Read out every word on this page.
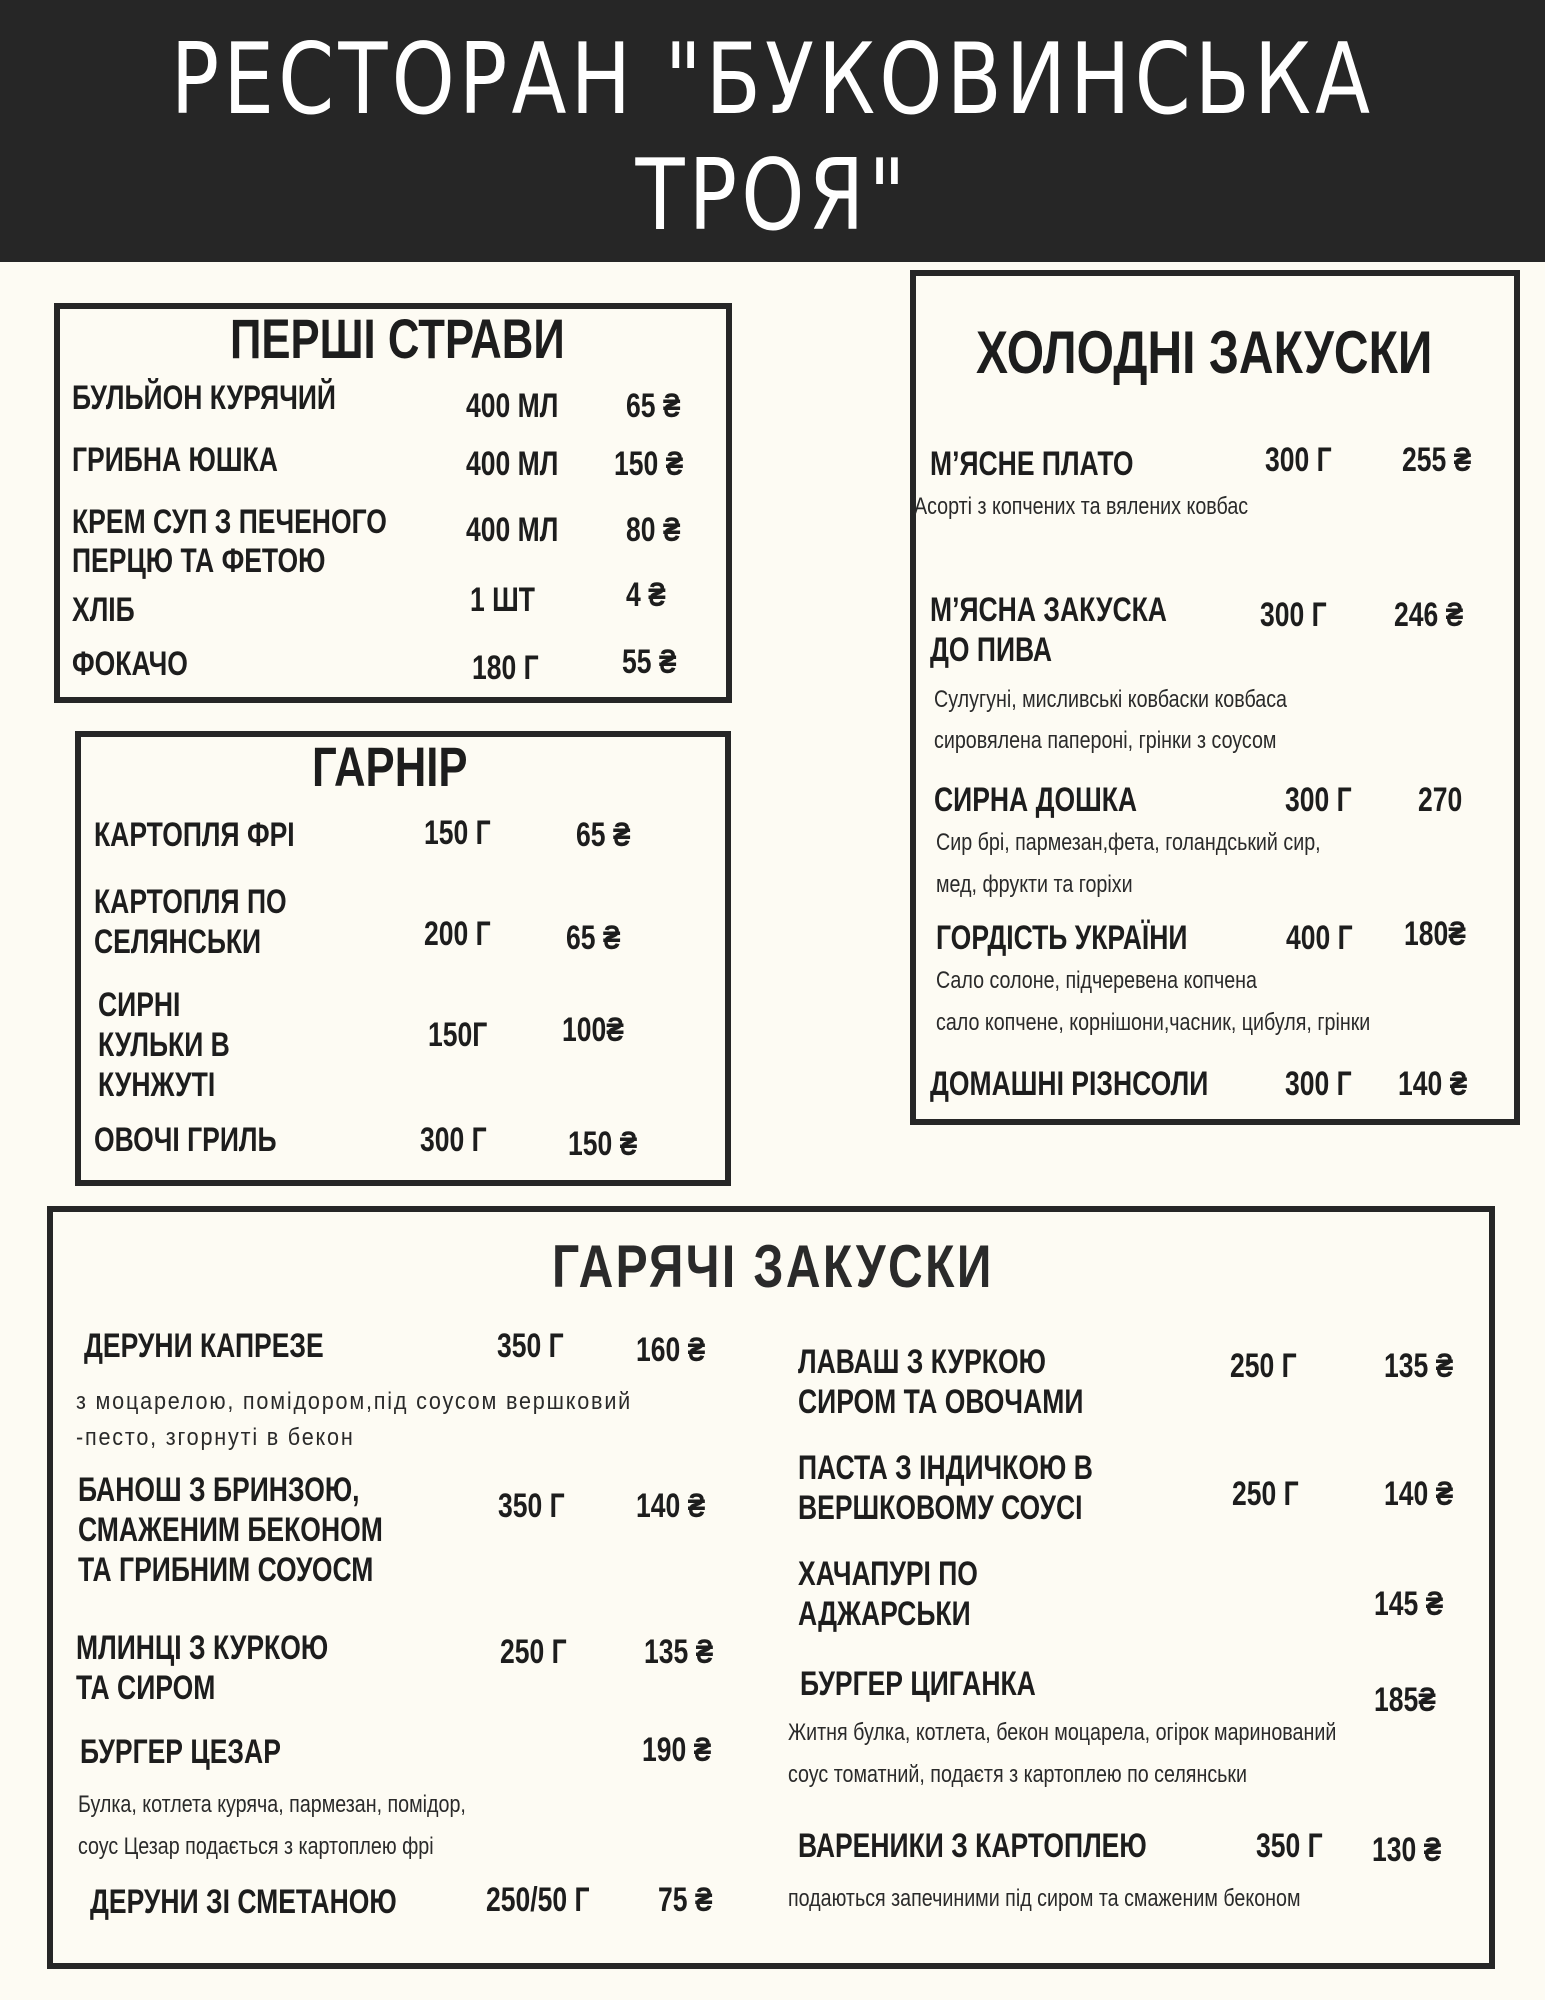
РЕСТОРАН "БУКОВИНСЬКА
ТРОЯ"
ПЕРШІ СТРАВИ
БУЛЬЙОН КУРЯЧИЙ	400 МЛ 65 ₴
ГРИБНА ЮШКА	400 МЛ 150 ₴
КРЕМ СУП З ПЕЧЕНОГО
ПЕРЦЮ ТА ФЕТОЮ
400 МЛ 80 ₴
ХЛІБ	1 ШТ	4 ₴
ФОКАЧО	180 Г 55 ₴
ГАРНІР
КАРТОПЛЯ ФРІ	150 Г	65 ₴
КАРТОПЛЯ ПО
СЕЛЯНСЬКИ	200 Г 65 ₴
СИРНІ
КУЛЬКИ В
КУНЖУТІ
150Г 100₴
ОВОЧІ ГРИЛЬ	300 Г 150 ₴
ХОЛОДНІ ЗАКУСКИ
М’ЯСНЕ ПЛАТО	300 Г 255 ₴
Асорті з копчених та вялених ковбас
М’ЯСНА ЗАКУСКА
ДО ПИВА
300 Г 246 ₴
Сулугуні, мисливські ковбаски ковбаса
сировялена папероні, грінки з соусом
СИРНА ДОШКА	300 Г 270
Сир брі, пармезан,фета, голандський сир,
мед, фрукти та горіхи
ГОРДІСТЬ УКРАЇНИ	400 Г 180₴
Сало солоне, підчеревена копчена
сало копчене, корнішони,часник, цибуля, грінки
ДОМАШНІ РІЗНСОЛИ 300 Г 140 ₴
ГАРЯЧІ ЗАКУСКИ
ДЕРУНИ КАПРЕЗЕ	350 Г 160 ₴
з моцарелою, помідором,під соусом вершковий
-песто, згорнуті в бекон
БАНОШ З БРИНЗОЮ,
СМАЖЕНИМ БЕКОНОМ
ТА ГРИБНИМ СОУОСМ
350 Г 140 ₴
МЛИНЦІ З КУРКОЮ
ТА СИРОМ
250 Г 135 ₴
БУРГЕР ЦЕЗАР	190 ₴
Булка, котлета куряча, пармезан, помідор,
соус Цезар подається з картоплею фрі
ДЕРУНИ ЗІ СМЕТАНОЮ	250/50 Г 75 ₴
ЛАВАШ З КУРКОЮ
СИРОМ ТА ОВОЧАМИ
250 Г	135 ₴
ПАСТА З ІНДИЧКОЮ В
ВЕРШКОВОМУ СОУСІ	250 Г	140 ₴
ХАЧАПУРІ ПО
АДЖАРСЬКИ	145 ₴
БУРГЕР ЦИГАНКА	185₴
Житня булка, котлета, бекон моцарела, огірок маринований
соус томатний, подаєтя з картоплею по селянськи
ВАРЕНИКИ З КАРТОПЛЕЮ	350 Г 130 ₴
подаються запечиними під сиром та смаженим беконом
